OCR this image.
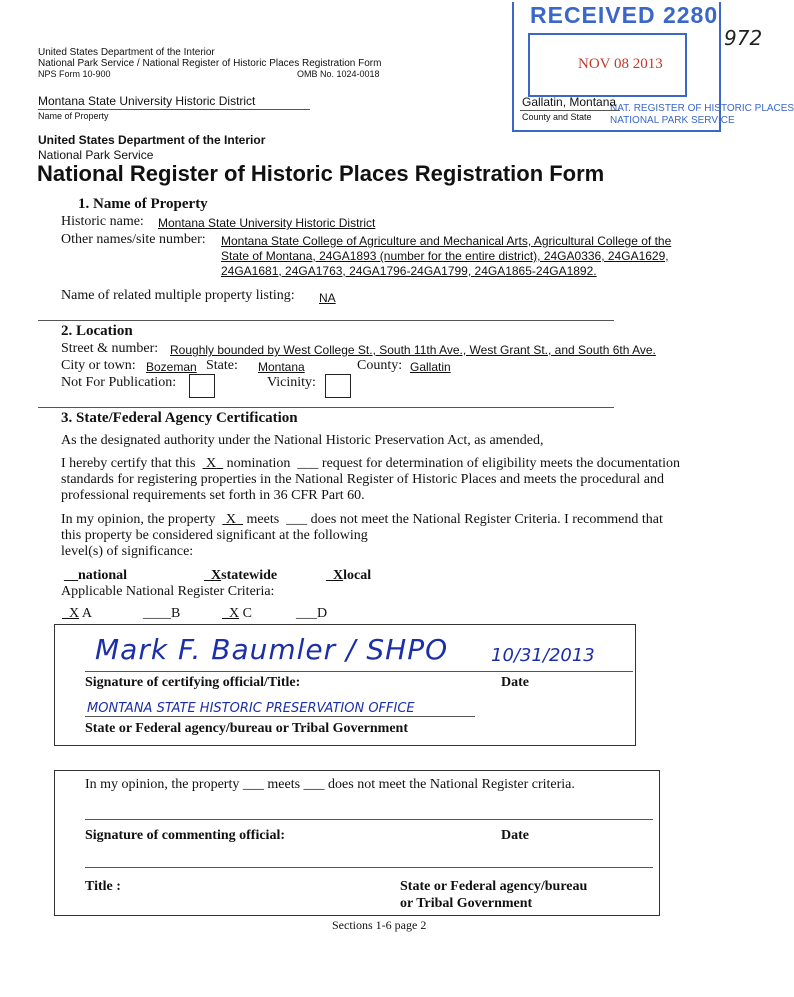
United States Department of the Interior
National Park Service / National Register of Historic Places Registration Form
NPS Form 10-900	OMB No. 1024-0018
RECEIVED 2280
NOV 08 2013
NAT. REGISTER OF HISTORIC PLACES
NATIONAL PARK SERVICE
972
Montana State University Historic District
Name of Property
Gallatin, Montana
County and State
United States Department of the Interior
National Park Service
National Register of Historic Places Registration Form
1. Name of Property
Historic name: Montana State University Historic District
Other names/site number: Montana State College of Agriculture and Mechanical Arts, Agricultural College of the
State of Montana, 24GA1893 (number for the entire district), 24GA0336, 24GA1629,
24GA1681, 24GA1763, 24GA1796-24GA1799, 24GA1865-24GA1892.
Name of related multiple property listing: NA
2. Location
Street & number: Roughly bounded by West College St., South 11th Ave., West Grant St., and South 6th Ave.
City or town: Bozeman State: Montana	County: Gallatin
Not For Publication:	Vicinity:
3. State/Federal Agency Certification
As the designated authority under the National Historic Preservation Act, as amended,
I hereby certify that this X nomination ___ request for determination of eligibility meets the documentation
standards for registering properties in the National Register of Historic Places and meets the procedural and
professional requirements set forth in 36 CFR Part 60.
In my opinion, the property X meets ___ does not meet the National Register Criteria. I recommend that
this property be considered significant at the following
level(s) of significance:
__national	_Xstatewide	_Xlocal
Applicable National Register Criteria:
_X A	____B	_X C	___D
Mark F. Baumler / SHPO 10/31/2013
Signature of certifying official/Title:	Date
MONTANA STATE HISTORIC PRESERVATION OFFICE
State or Federal agency/bureau or Tribal Government
In my opinion, the property ___ meets ___ does not meet the National Register criteria.
Signature of commenting official:	Date
Title :	State or Federal agency/bureau
or Tribal Government
Sections 1-6 page 2
